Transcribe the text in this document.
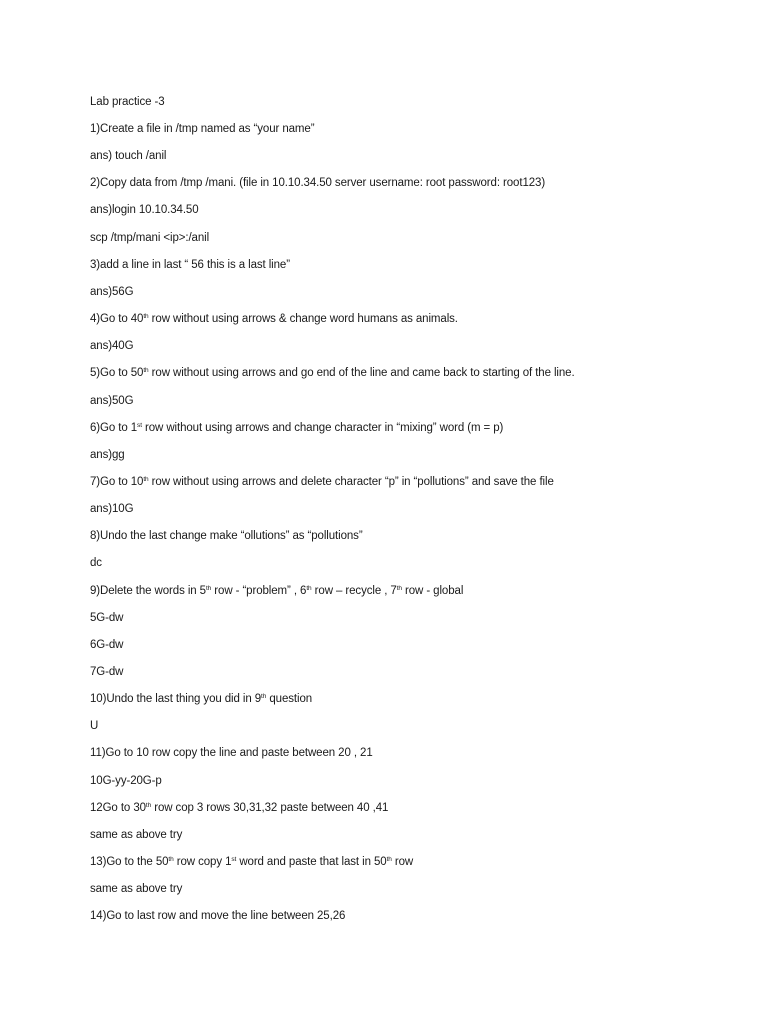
Lab practice -3
1)Create a file in /tmp named as “your name”
ans) touch /anil
2)Copy data from /tmp /mani. (file in 10.10.34.50 server username: root password: root123)
ans)login 10.10.34.50
scp /tmp/mani <ip>:/anil
3)add a line in last “ 56 this is a last line”
ans)56G
4)Go to 40th row without using arrows & change word humans as animals.
ans)40G
5)Go to 50th row without using arrows and go end of the line and came back to starting of the line.
ans)50G
6)Go to 1st row without using arrows and change character in “mixing” word (m = p)
ans)gg
7)Go to 10th row without using arrows and delete character “p” in “pollutions” and save the file
ans)10G
8)Undo the last change make “ollutions” as “pollutions”
dc
9)Delete the words in 5th row - “problem” , 6th row – recycle , 7th row - global
5G-dw
6G-dw
7G-dw
10)Undo the last thing you did in 9th question
U
11)Go to 10 row copy the line and paste between 20 , 21
10G-yy-20G-p
12Go to 30th row cop 3 rows 30,31,32 paste between 40 ,41
same as above try
13)Go to the 50th row copy 1st word and paste that last in 50th row
same as above try
14)Go to last row and move the line between 25,26
